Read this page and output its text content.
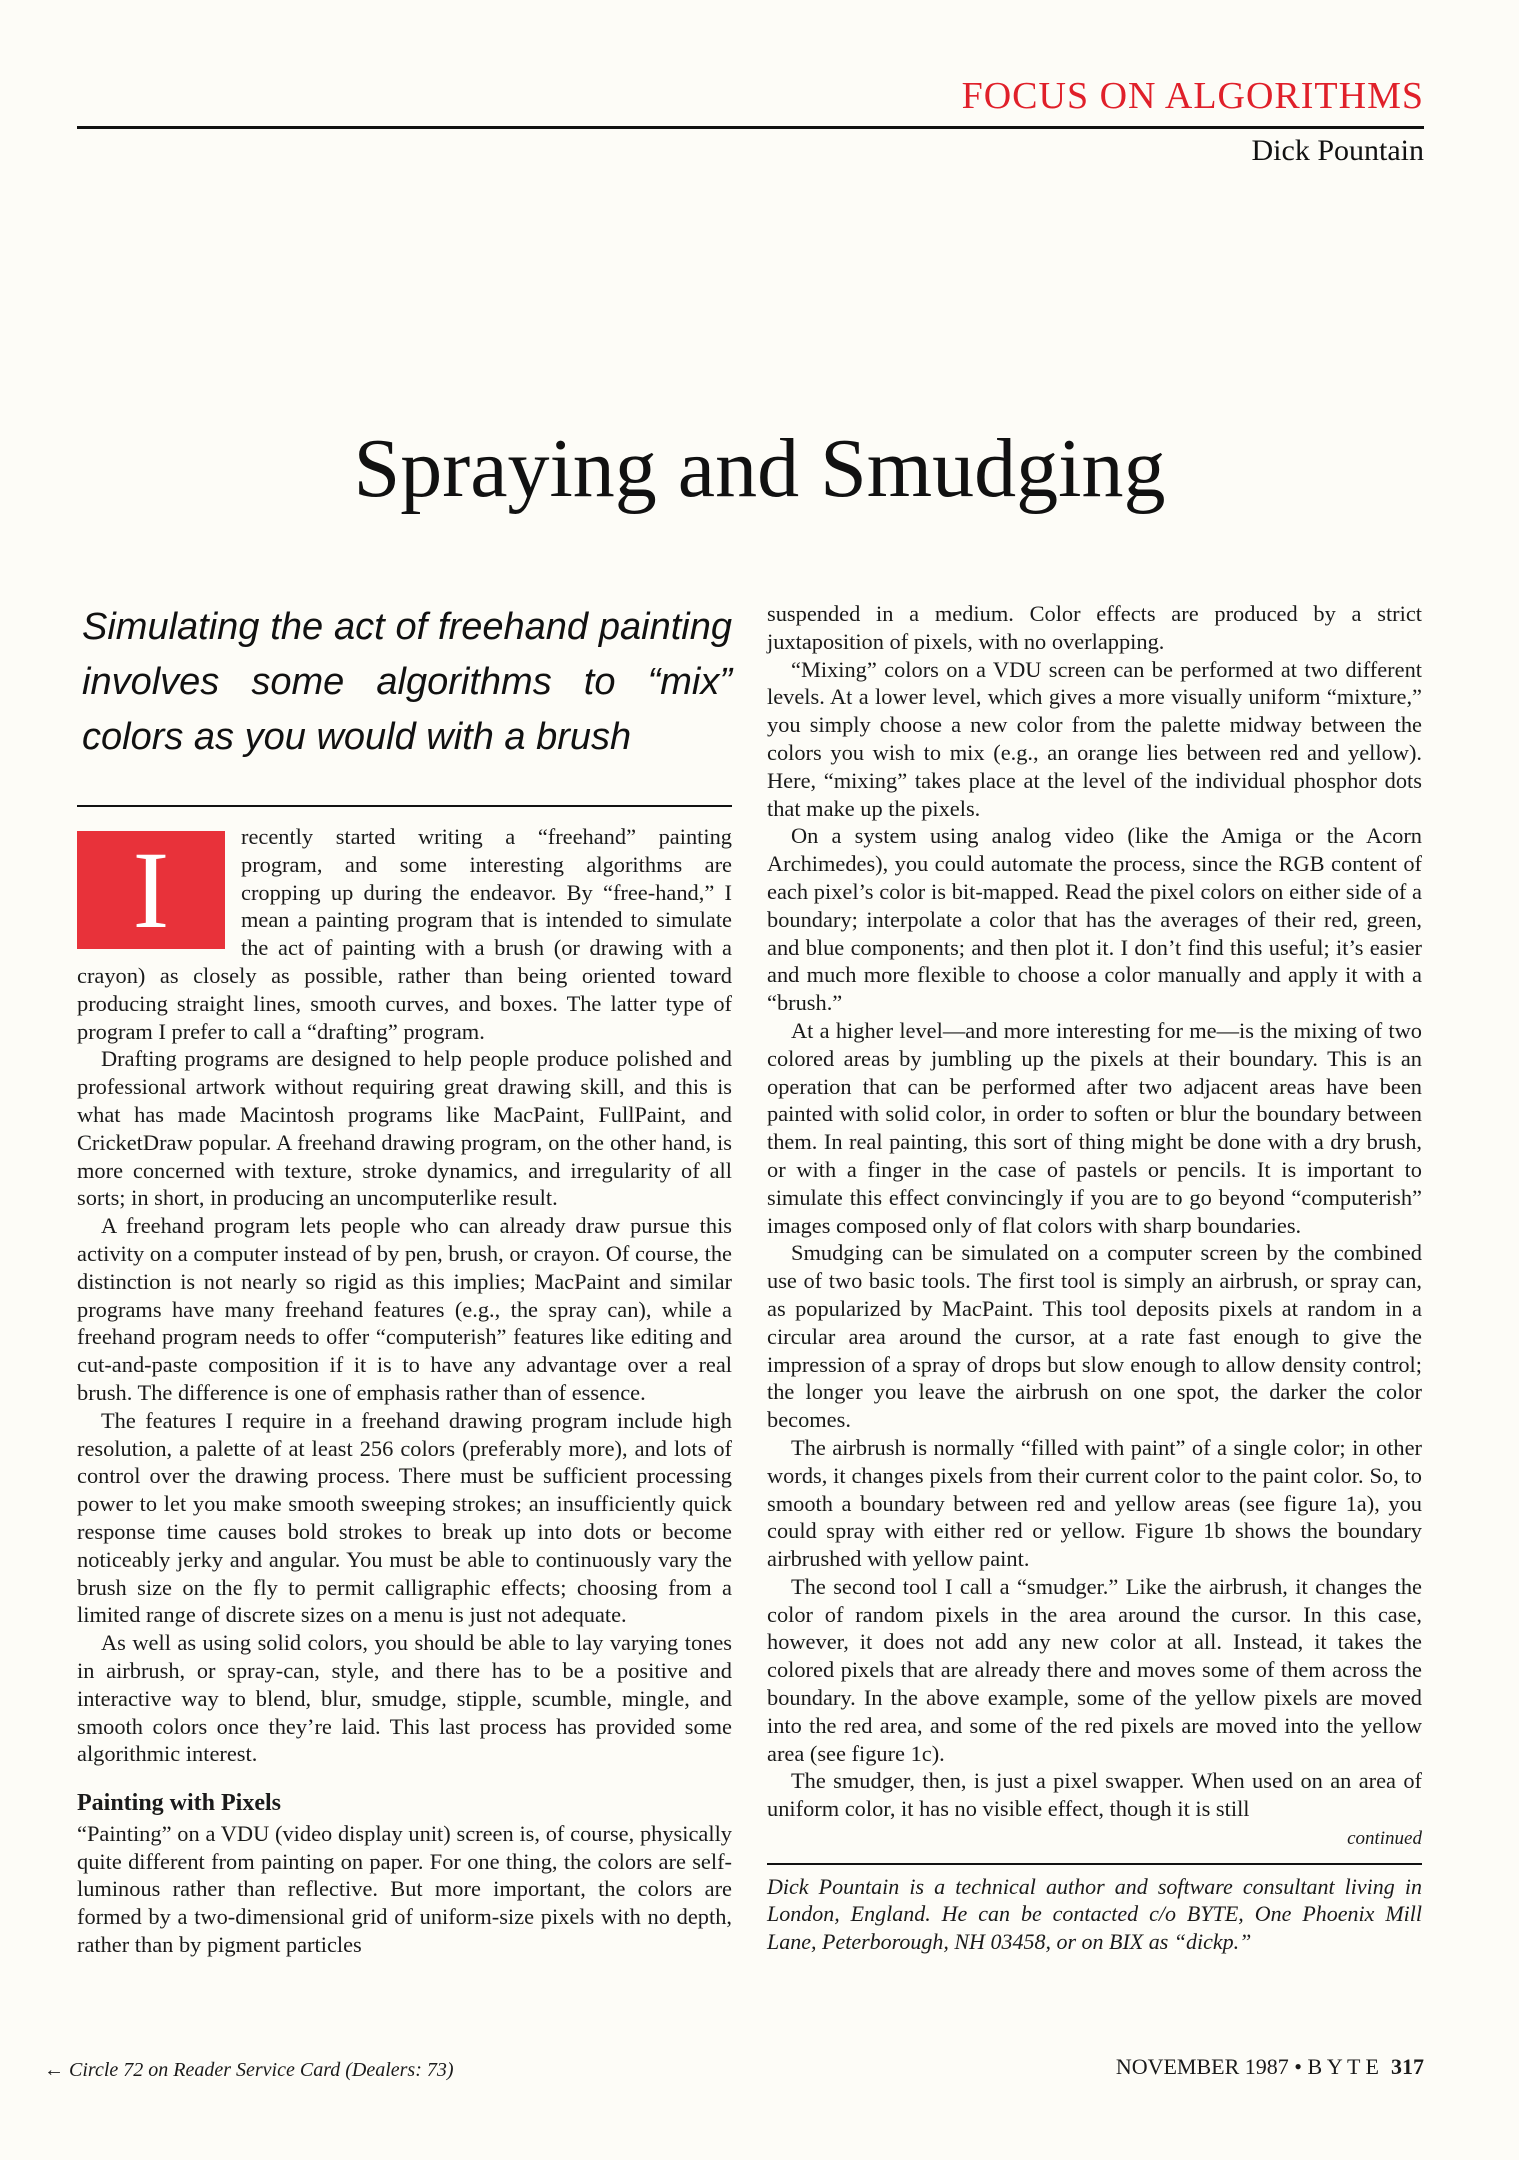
FOCUS ON ALGORITHMS
Dick Pountain
Spraying and Smudging
Simulating the act of freehand painting involves some algorithms to “mix” colors as you would with a brush
I	recently started writing a “freehand” painting program, and some interesting algorithms are cropping up during the endeavor. By “free-hand,” I mean a painting program that is intended to simulate the act of painting with a brush (or drawing with a crayon) as closely as possible, rather than being oriented toward producing straight lines, smooth curves, and boxes. The latter type of program I prefer to call a “drafting” program.

Drafting programs are designed to help people produce polished and professional artwork without requiring great drawing skill, and this is what has made Macintosh programs like MacPaint, FullPaint, and CricketDraw popular. A freehand drawing program, on the other hand, is more concerned with texture, stroke dynamics, and irregularity of all sorts; in short, in producing an uncomputerlike result.

A freehand program lets people who can already draw pursue this activity on a computer instead of by pen, brush, or crayon. Of course, the distinction is not nearly so rigid as this implies; MacPaint and similar programs have many freehand features (e.g., the spray can), while a freehand program needs to offer “computerish” features like editing and cut-and-paste composition if it is to have any advantage over a real brush. The difference is one of emphasis rather than of essence.

The features I require in a freehand drawing program include high resolution, a palette of at least 256 colors (preferably more), and lots of control over the drawing process. There must be sufficient processing power to let you make smooth sweeping strokes; an insufficiently quick response time causes bold strokes to break up into dots or become noticeably jerky and angular. You must be able to continuously vary the brush size on the fly to permit calligraphic effects; choosing from a limited range of discrete sizes on a menu is just not adequate.

As well as using solid colors, you should be able to lay varying tones in airbrush, or spray-can, style, and there has to be a positive and interactive way to blend, blur, smudge, stipple, scumble, mingle, and smooth colors once they’re laid. This last process has provided some algorithmic interest.

Painting with Pixels

“Painting” on a VDU (video display unit) screen is, of course, physically quite different from painting on paper. For one thing, the colors are self-luminous rather than reflective. But more important, the colors are formed by a two-dimensional grid of uniform-size pixels with no depth, rather than by pigment particles

suspended in a medium. Color effects are produced by a strict juxtaposition of pixels, with no overlapping.

“Mixing” colors on a VDU screen can be performed at two different levels. At a lower level, which gives a more visually uniform “mixture,” you simply choose a new color from the palette midway between the colors you wish to mix (e.g., an orange lies between red and yellow). Here, “mixing” takes place at the level of the individual phosphor dots that make up the pixels.

On a system using analog video (like the Amiga or the Acorn Archimedes), you could automate the process, since the RGB content of each pixel’s color is bit-mapped. Read the pixel colors on either side of a boundary; interpolate a color that has the averages of their red, green, and blue components; and then plot it. I don’t find this useful; it’s easier and much more flexible to choose a color manually and apply it with a “brush.”

At a higher level—and more interesting for me—is the mixing of two colored areas by jumbling up the pixels at their boundary. This is an operation that can be performed after two adjacent areas have been painted with solid color, in order to soften or blur the boundary between them. In real painting, this sort of thing might be done with a dry brush, or with a finger in the case of pastels or pencils. It is important to simulate this effect convincingly if you are to go beyond “computerish” images composed only of flat colors with sharp boundaries.

Smudging can be simulated on a computer screen by the combined use of two basic tools. The first tool is simply an airbrush, or spray can, as popularized by MacPaint. This tool deposits pixels at random in a circular area around the cursor, at a rate fast enough to give the impression of a spray of drops but slow enough to allow density control; the longer you leave the airbrush on one spot, the darker the color becomes.

The airbrush is normally “filled with paint” of a single color; in other words, it changes pixels from their current color to the paint color. So, to smooth a boundary between red and yellow areas (see figure 1a), you could spray with either red or yellow. Figure 1b shows the boundary airbrushed with yellow paint.

The second tool I call a “smudger.” Like the airbrush, it changes the color of random pixels in the area around the cursor. In this case, however, it does not add any new color at all. Instead, it takes the colored pixels that are already there and moves some of them across the boundary. In the above example, some of the yellow pixels are moved into the red area, and some of the red pixels are moved into the yellow area (see figure 1c).

The smudger, then, is just a pixel swapper. When used on an area of uniform color, it has no visible effect, though it is still

continued
Dick Pountain is a technical author and software consultant living in London, England. He can be contacted c/o BYTE, One Phoenix Mill Lane, Peterborough, NH 03458, or on BIX as “dickp.”
← Circle 72 on Reader Service Card (Dealers: 73)	NOVEMBER 1987 • B Y T E 317
